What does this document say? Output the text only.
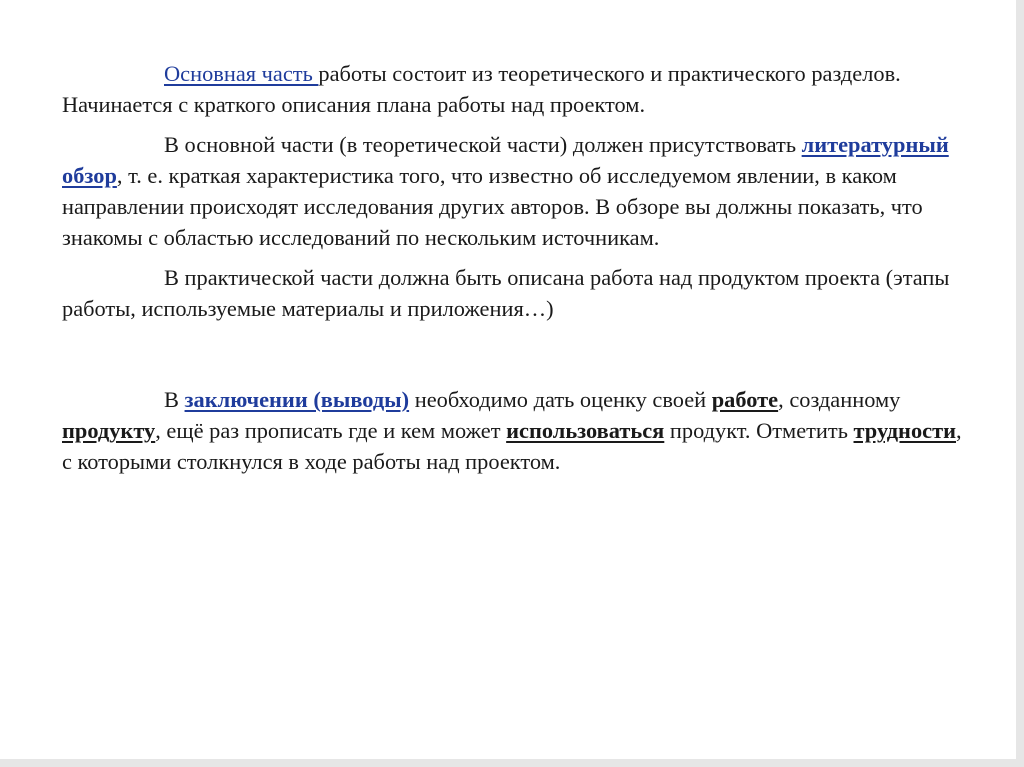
Основная часть работы состоит из теоретического и практического разделов. Начинается с краткого описания плана работы над проектом.

В основной части (в теоретической части) должен присутствовать литературный обзор, т. е. краткая характеристика того, что известно об исследуемом явлении, в каком направлении происходят исследования других авторов. В обзоре вы должны показать, что знакомы с областью исследований по нескольким источникам.

В практической части должна быть описана работа над продуктом проекта (этапы работы, используемые материалы и приложения…)

В заключении (выводы) необходимо дать оценку своей работе, созданному продукту, ещё раз прописать где и кем может использоваться продукт. Отметить трудности, с которыми столкнулся в ходе работы над проектом.
